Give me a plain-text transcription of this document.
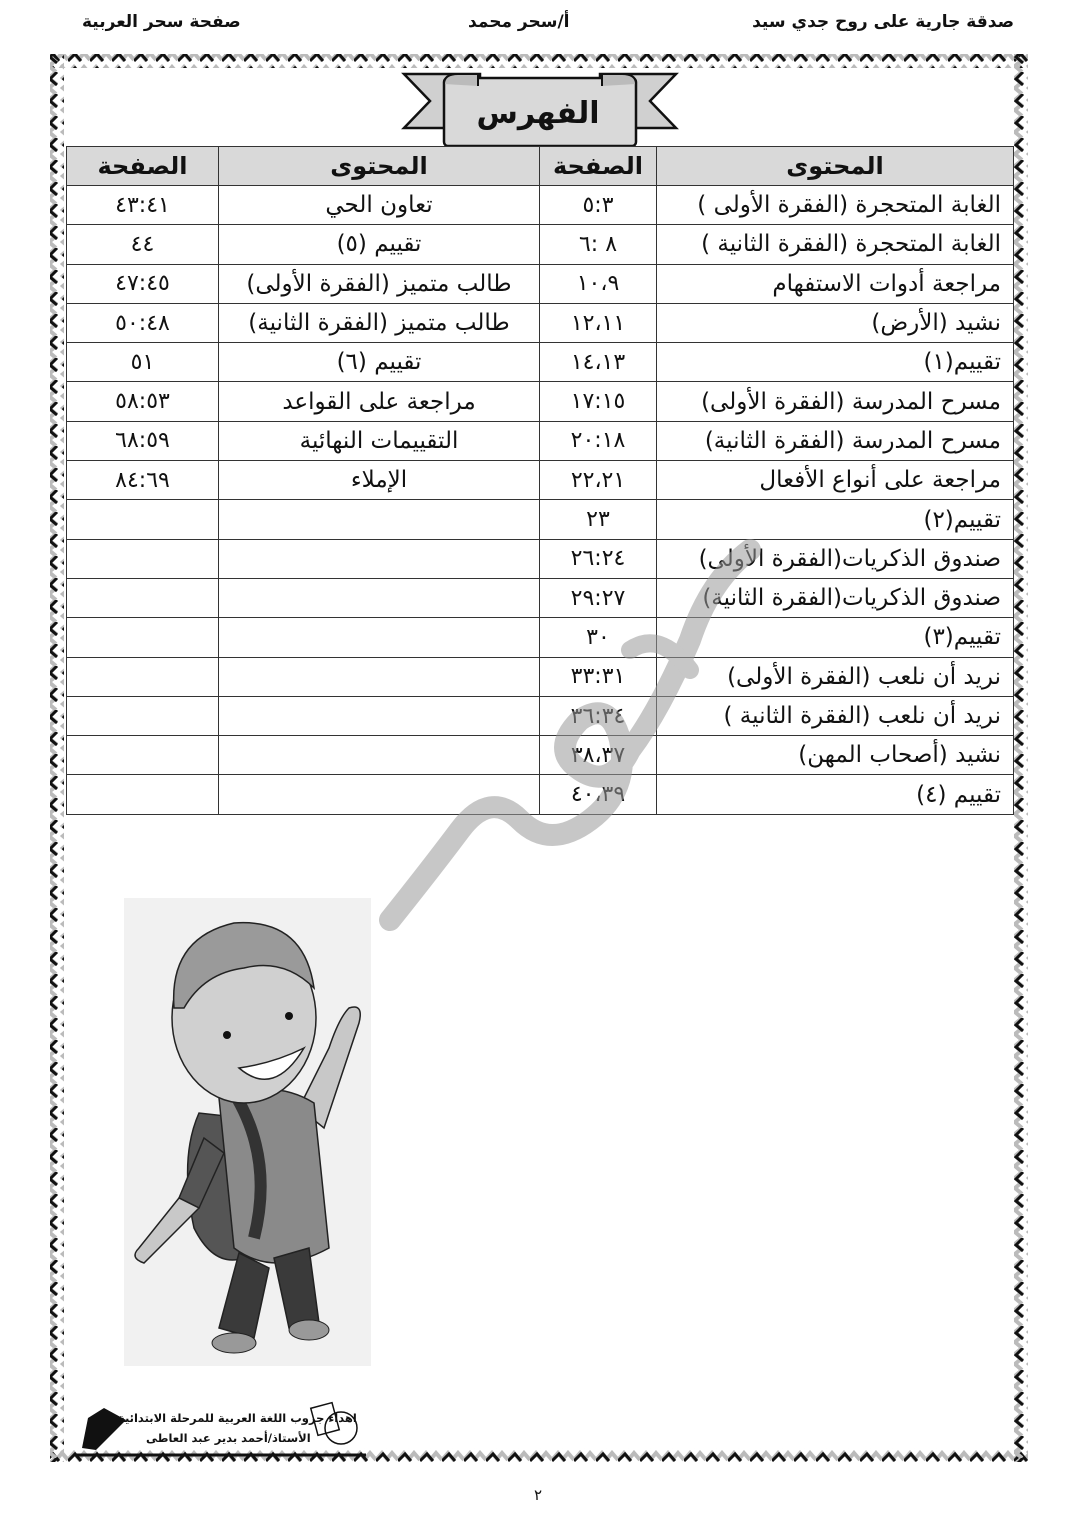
صدقة جارية على روح جدي سيد
أ/سحر محمد
صفحة سحر العربية
الفهرس
المحتوى	الصفحة	المحتوى	الصفحة
الغابة المتحجرة (الفقرة الأولى )	٥:٣	تعاون الحي	٤٣:٤١
الغابة المتحجرة (الفقرة الثانية )	٨ :٦	تقييم (٥)	٤٤
مراجعة أدوات الاستفهام	١٠،٩	طالب متميز (الفقرة الأولى)	٤٧:٤٥
نشيد (الأرض)	١٢،١١	طالب متميز (الفقرة الثانية)	٥٠:٤٨
تقييم(١)	١٤،١٣	تقييم (٦)	٥١
مسرح المدرسة (الفقرة الأولى)	١٧:١٥	مراجعة على القواعد	٥٨:٥٣
مسرح المدرسة (الفقرة الثانية)	٢٠:١٨	التقييمات النهائية	٦٨:٥٩
مراجعة على أنواع الأفعال	٢٢،٢١	الإملاء	٨٤:٦٩
تقييم(٢)	٢٣		
صندوق الذكريات(الفقرة الأولى)	٢٦:٢٤		
صندوق الذكريات(الفقرة الثانية)	٢٩:٢٧		
تقييم(٣)	٣٠		
نريد أن نلعب (الفقرة الأولى)	٣٣:٣١		
نريد أن نلعب (الفقرة الثانية )	٣٦:٣٤		
نشيد (أصحاب المهن)	٣٨،٣٧		
تقييم (٤)	٤٠،٣٩		
اهداء جروب اللغة العربية للمرحلة الابتدائية
الأستاذ/أحمد بدير عبد العاطى
٢
